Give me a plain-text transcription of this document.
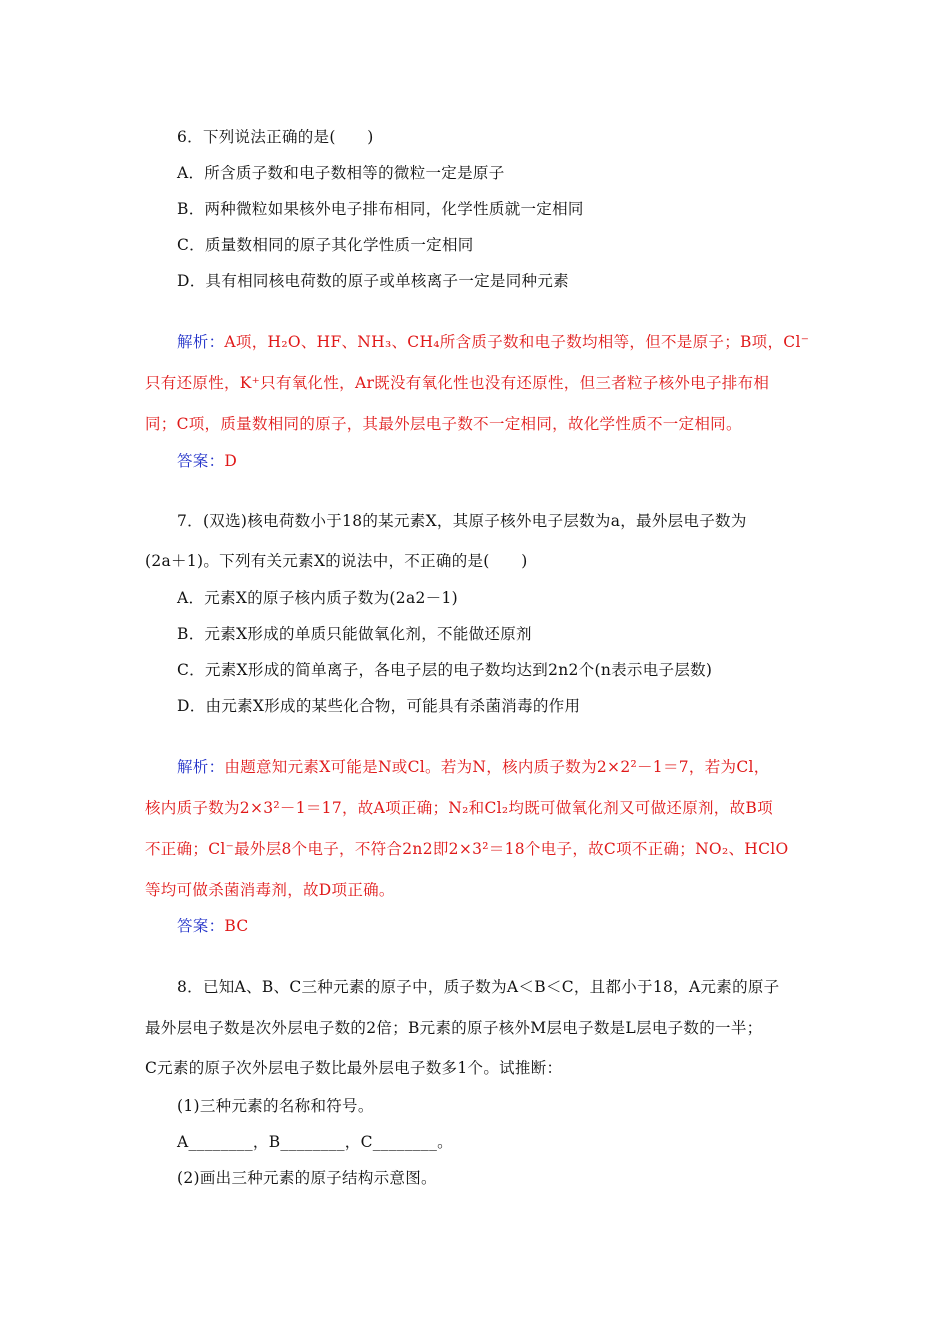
6．下列说法正确的是(　　)
A．所含质子数和电子数相等的微粒一定是原子
B．两种微粒如果核外电子排布相同，化学性质就一定相同
C．质量数相同的原子其化学性质一定相同
D．具有相同核电荷数的原子或单核离子一定是同种元素
解析：A项，H₂O、HF、NH₃、CH₄所含质子数和电子数均相等，但不是原子；B项，Cl⁻
只有还原性，K⁺只有氧化性，Ar既没有氧化性也没有还原性，但三者粒子核外电子排布相
同；C项，质量数相同的原子，其最外层电子数不一定相同，故化学性质不一定相同。
答案：D
7．(双选)核电荷数小于18的某元素X，其原子核外电子层数为a，最外层电子数为
(2a＋1)。下列有关元素X的说法中，不正确的是(　　)
A．元素X的原子核内质子数为(2a2－1)
B．元素X形成的单质只能做氧化剂，不能做还原剂
C．元素X形成的简单离子，各电子层的电子数均达到2n2个(n表示电子层数)
D．由元素X形成的某些化合物，可能具有杀菌消毒的作用
解析：由题意知元素X可能是N或Cl。若为N，核内质子数为2×2²－1＝7，若为Cl，
核内质子数为2×3²－1＝17，故A项正确；N₂和Cl₂均既可做氧化剂又可做还原剂，故B项
不正确；Cl⁻最外层8个电子，不符合2n2即2×3²＝18个电子，故C项不正确；NO₂、HClO
等均可做杀菌消毒剂，故D项正确。
答案：BC
8．已知A、B、C三种元素的原子中，质子数为A＜B＜C，且都小于18，A元素的原子
最外层电子数是次外层电子数的2倍；B元素的原子核外M层电子数是L层电子数的一半；
C元素的原子次外层电子数比最外层电子数多1个。试推断：
(1)三种元素的名称和符号。
A________，B________，C________。
(2)画出三种元素的原子结构示意图。
